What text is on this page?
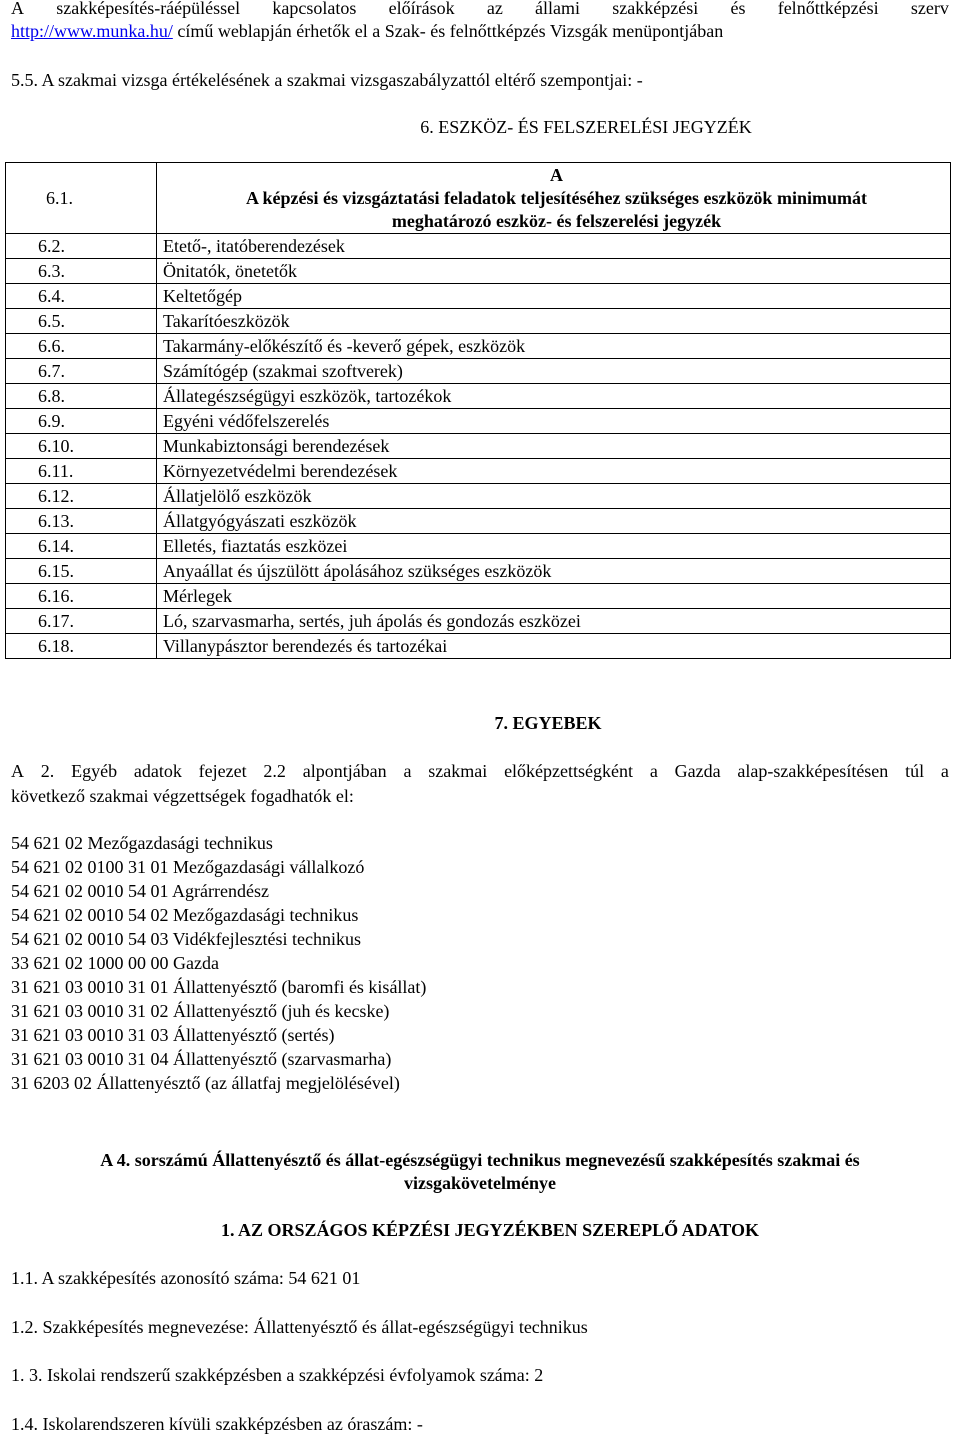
A szakképesítés-ráépüléssel kapcsolatos előírások az állami szakképzési és felnőttképzési szerv
http://www.munka.hu/ című weblapján érhetők el a Szak- és felnőttképzés Vizsgák menüpontjában
5.5. A szakmai vizsga értékelésének a szakmai vizsgaszabályzattól eltérő szempontjai: -
6. ESZKÖZ- ÉS FELSZERELÉSI JEGYZÉK
6.1.	A

	A képzési és vizsgáztatási feladatok teljesítéséhez szükséges eszközök minimumát
meghatározó eszköz- és felszerelési jegyzék

6.2.	Etető-, itatóberendezések
6.3.	Önitatók, önetetők
6.4.	Keltetőgép
6.5.	Takarítóeszközök
6.6.	Takarmány-előkészítő és -keverő gépek, eszközök
6.7.	Számítógép (szakmai szoftverek)
6.8.	Állategészségügyi eszközök, tartozékok
6.9.	Egyéni védőfelszerelés
6.10.	Munkabiztonsági berendezések
6.11.	Környezetvédelmi berendezések
6.12.	Állatjelölő eszközök
6.13.	Állatgyógyászati eszközök
6.14.	Elletés, fiaztatás eszközei
6.15.	Anyaállat és újszülött ápolásához szükséges eszközök
6.16.	Mérlegek
6.17.	Ló, szarvasmarha, sertés, juh ápolás és gondozás eszközei
6.18.	Villanypásztor berendezés és tartozékai
7. EGYEBEK
A 2. Egyéb adatok fejezet 2.2 alpontjában a szakmai előképzettségként a Gazda alap-szakképesítésen túl a
következő szakmai végzettségek fogadhatók el:
54 621 02 Mezőgazdasági technikus
54 621 02 0100 31 01 Mezőgazdasági vállalkozó
54 621 02 0010 54 01 Agrárrendész
54 621 02 0010 54 02 Mezőgazdasági technikus
54 621 02 0010 54 03 Vidékfejlesztési technikus
33 621 02 1000 00 00 Gazda
31 621 03 0010 31 01 Állattenyésztő (baromfi és kisállat)
31 621 03 0010 31 02 Állattenyésztő (juh és kecske)
31 621 03 0010 31 03 Állattenyésztő (sertés)
31 621 03 0010 31 04 Állattenyésztő (szarvasmarha)
31 6203 02 Állattenyésztő (az állatfaj megjelölésével)
A 4. sorszámú Állattenyésztő és állat-egészségügyi technikus megnevezésű szakképesítés szakmai és
vizsgakövetelménye
1. AZ ORSZÁGOS KÉPZÉSI JEGYZÉKBEN SZEREPLŐ ADATOK
1.1. A szakképesítés azonosító száma: 54 621 01
1.2. Szakképesítés megnevezése: Állattenyésztő és állat-egészségügyi technikus
1. 3. Iskolai rendszerű szakképzésben a szakképzési évfolyamok száma: 2
1.4. Iskolarendszeren kívüli szakképzésben az óraszám: -
